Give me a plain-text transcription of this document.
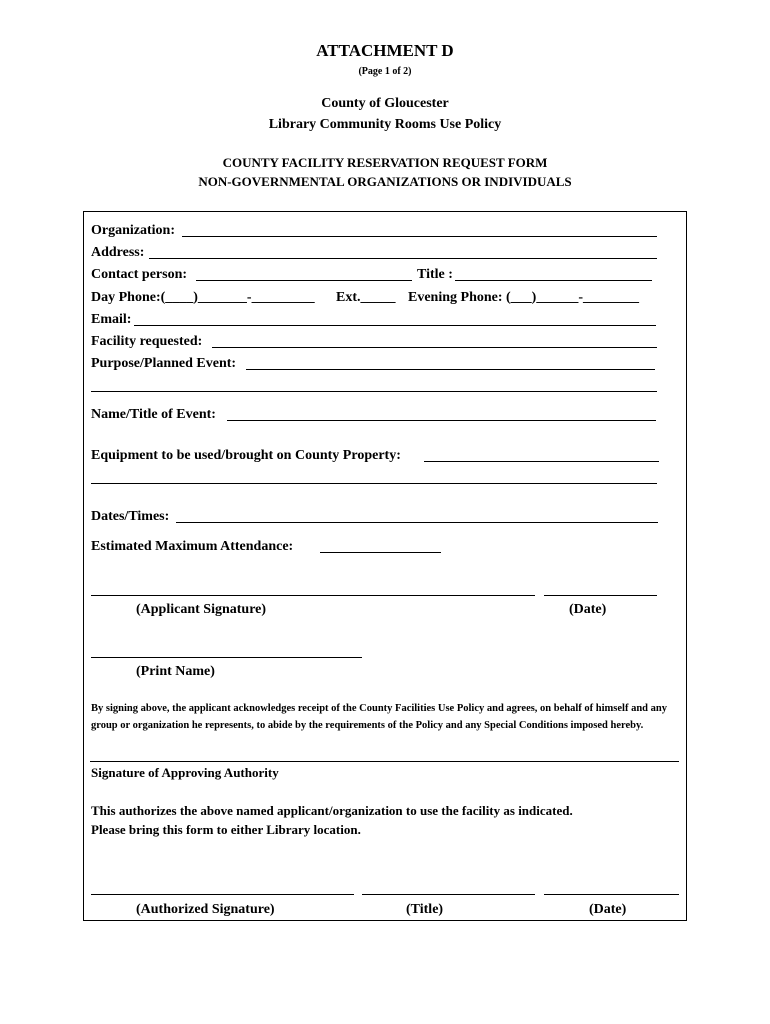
ATTACHMENT D
(Page 1 of 2)
County of Gloucester
Library Community Rooms Use Policy
COUNTY FACILITY RESERVATION REQUEST FORM
NON-GOVERNMENTAL ORGANIZATIONS OR INDIVIDUALS
Organization:
Address:
Contact person:	Title :
Day Phone:(____)_______-_________ Ext._____ Evening Phone: (___)______-________
Email:
Facility requested:
Purpose/Planned Event:
Name/Title of Event:
Equipment to be used/brought on County Property:
Dates/Times:
Estimated Maximum Attendance:
(Applicant Signature)	(Date)
(Print Name)
By signing above, the applicant acknowledges receipt of the County Facilities Use Policy and agrees, on behalf of himself and any group or organization he represents, to abide by the requirements of the Policy and any Special Conditions imposed hereby.
Signature of Approving Authority
This authorizes the above named applicant/organization to use the facility as indicated.
Please bring this form to either Library location.
(Authorized Signature)	(Title)	(Date)
